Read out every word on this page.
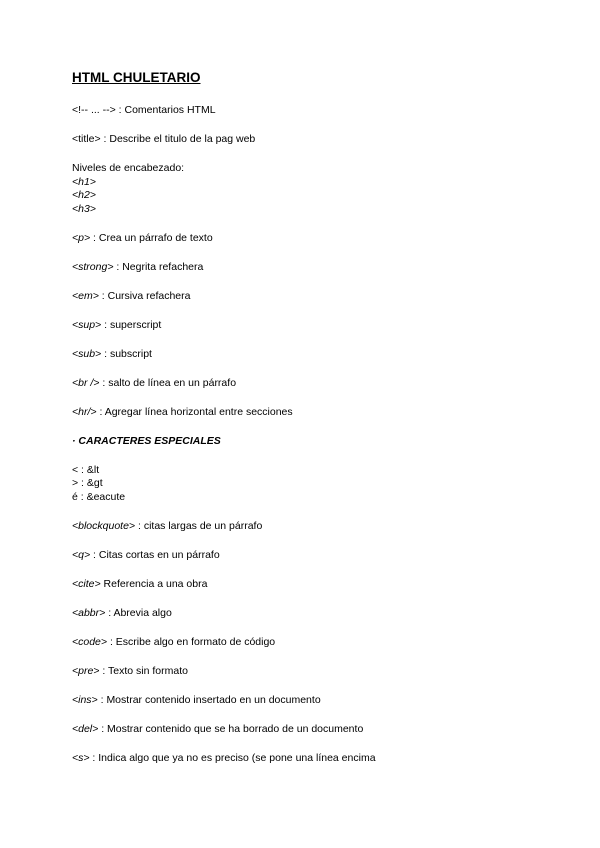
HTML CHULETARIO

<!-- ... --> : Comentarios HTML

<title> : Describe el titulo de la pag web

Niveles de encabezado:

<h1>

<h2>

<h3>

<p> : Crea un párrafo de texto

<strong> : Negrita refachera

<em> : Cursiva refachera

<sup> : superscript

<sub> : subscript

<br /> : salto de línea en un párrafo

<hr/> : Agregar línea horizontal entre secciones

· CARACTERES ESPECIALES

< : &lt

> : &gt

é : &eacute

<blockquote> : citas largas de un párrafo

<q> : Citas cortas en un párrafo

<cite> Referencia a una obra

<abbr> : Abrevia algo

<code> : Escribe algo en formato de código

<pre> : Texto sin formato

<ins> : Mostrar contenido insertado en un documento

<del> : Mostrar contenido que se ha borrado de un documento

<s> : Indica algo que ya no es preciso (se pone una línea encima
